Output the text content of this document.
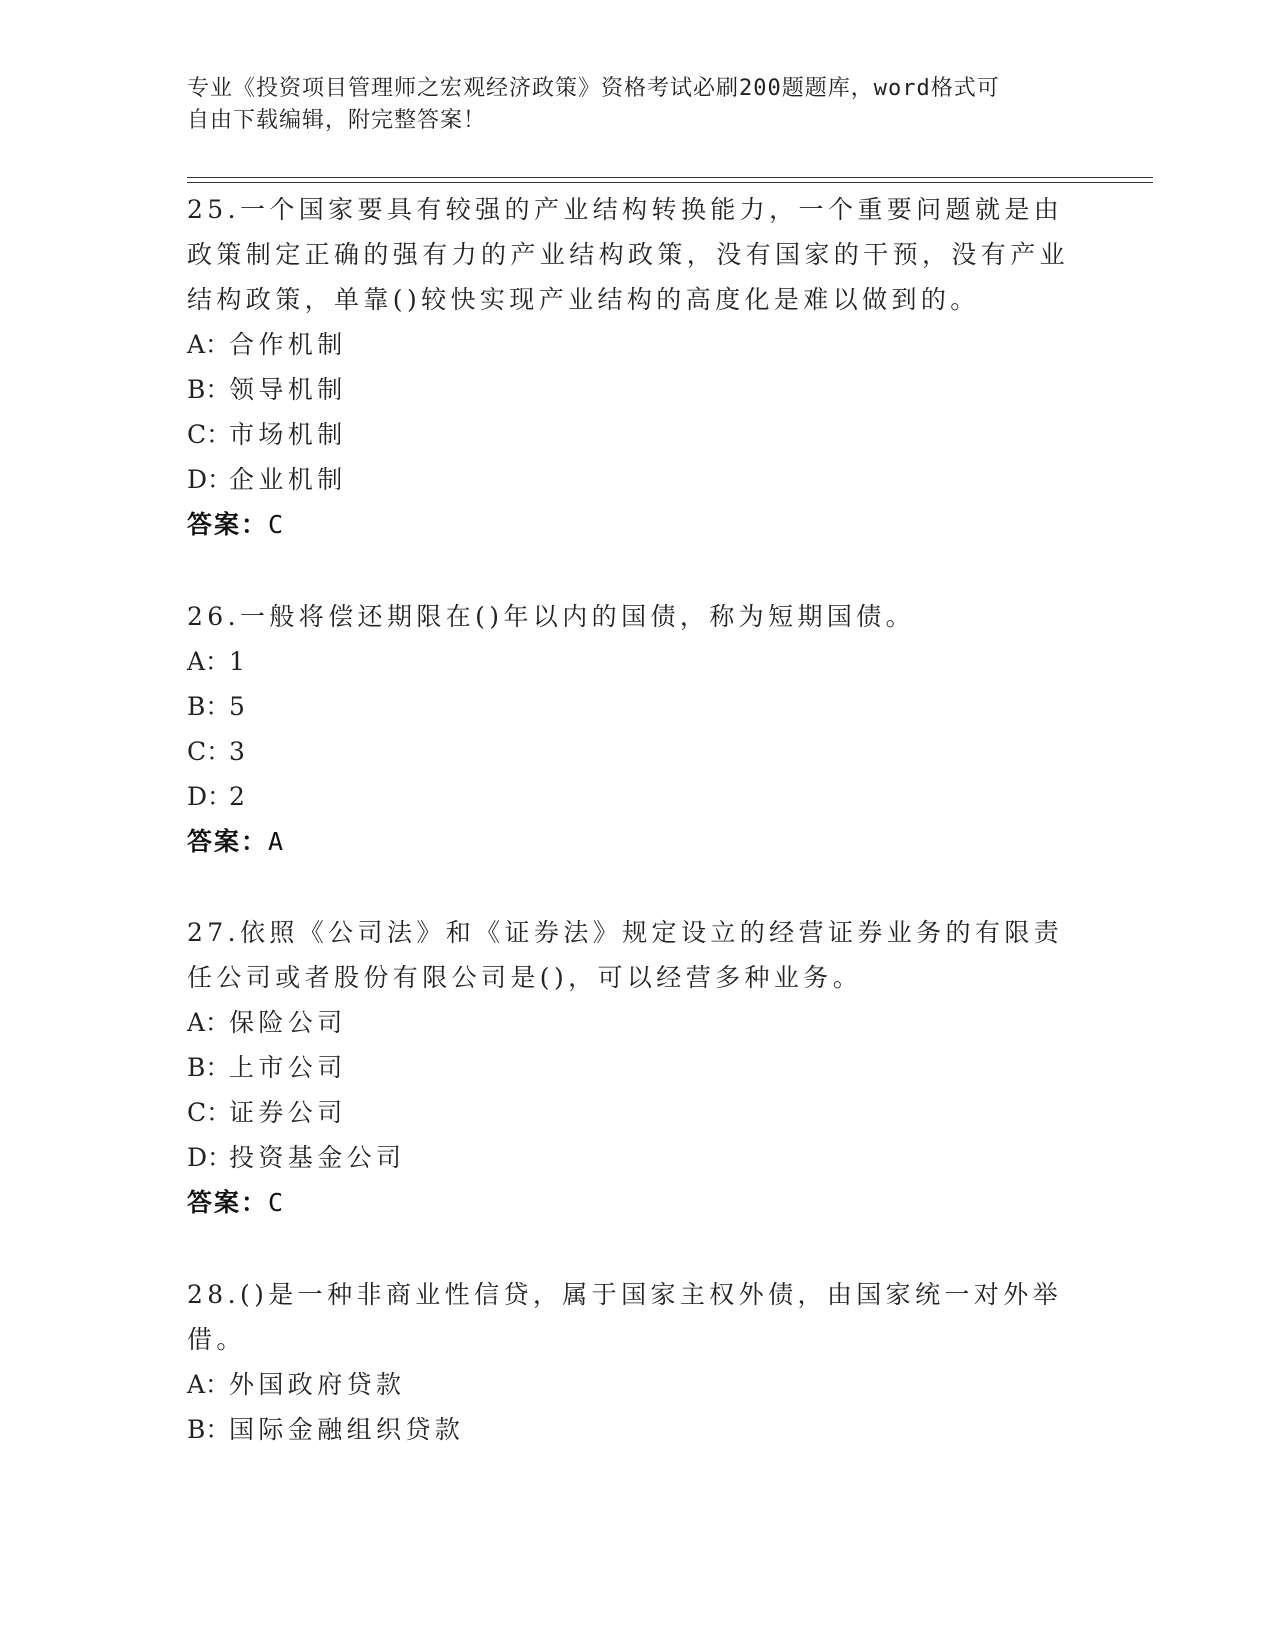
专业《投资项目管理师之宏观经济政策》资格考试必刷200题题库，word格式可
自由下载编辑，附完整答案！

25.一个国家要具有较强的产业结构转换能力，一个重要问题就是由政策制定正确的强有力的产业结构政策，没有国家的干预，没有产业结构政策，单靠()较快实现产业结构的高度化是难以做到的。

A：合作机制

B：领导机制

C：市场机制

D：企业机制

答案：C

26.一般将偿还期限在()年以内的国债，称为短期国债。

A：1

B：5

C：3

D：2

答案：A

27.依照《公司法》和《证券法》规定设立的经营证券业务的有限责任公司或者股份有限公司是()，可以经营多种业务。

A：保险公司

B：上市公司

C：证券公司

D：投资基金公司

答案：C

28.()是一种非商业性信贷，属于国家主权外债，由国家统一对外举借。

A：外国政府贷款

B：国际金融组织贷款
